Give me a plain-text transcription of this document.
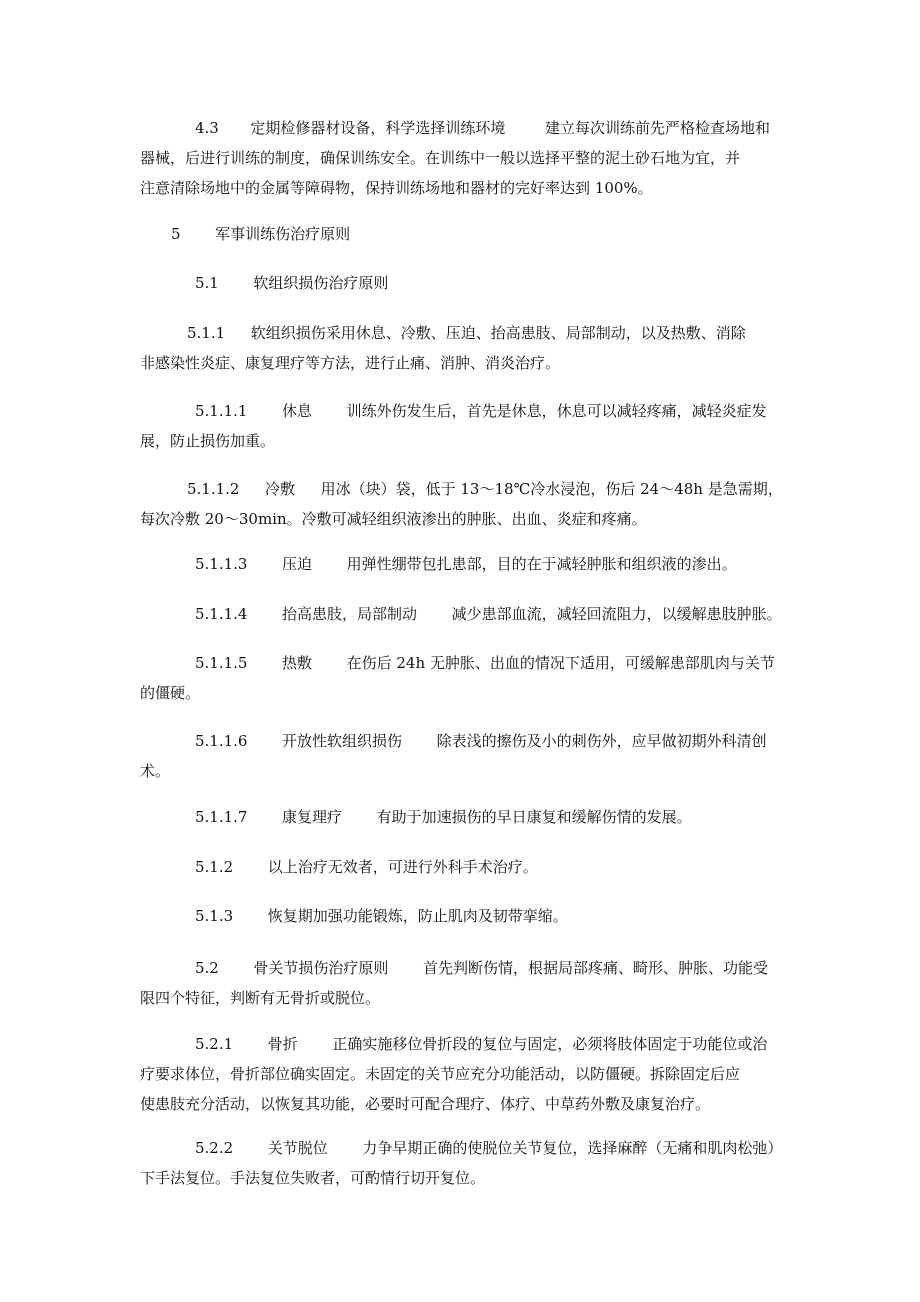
4.3 定期检修器材设备，科学选择训练环境	建立每次训练前先严格检查场地和
器械，后进行训练的制度，确保训练安全。在训练中一般以选择平整的泥土砂石地为宜，并
注意清除场地中的金属等障碍物，保持训练场地和器材的完好率达到 100%。
5 军事训练伤治疗原则
5.1 软组织损伤治疗原则
5.1.1 软组织损伤采用休息、冷敷、压迫、抬高患肢、局部制动，以及热敷、消除
非感染性炎症、康复理疗等方法，进行止痛、消肿、消炎治疗。
5.1.1.1 休息 训练外伤发生后，首先是休息，休息可以减轻疼痛，减轻炎症发
展，防止损伤加重。
5.1.1.2 冷敷 用冰（块）袋，低于 13～18℃冷水浸泡，伤后 24～48h 是急需期，
每次冷敷 20～30min。冷敷可减轻组织液渗出的肿胀、出血、炎症和疼痛。
5.1.1.3 压迫 用弹性绷带包扎患部，目的在于减轻肿胀和组织液的渗出。
5.1.1.4 抬高患肢，局部制动 减少患部血流，减轻回流阻力，以缓解患肢肿胀。
5.1.1.5 热敷 在伤后 24h 无肿胀、出血的情况下适用，可缓解患部肌肉与关节
的僵硬。
5.1.1.6 开放性软组织损伤 除表浅的擦伤及小的刺伤外，应早做初期外科清创
术。
5.1.1.7 康复理疗 有助于加速损伤的早日康复和缓解伤情的发展。
5.1.2 以上治疗无效者，可进行外科手术治疗。
5.1.3 恢复期加强功能锻炼，防止肌肉及韧带挛缩。
5.2 骨关节损伤治疗原则 首先判断伤情，根据局部疼痛、畸形、肿胀、功能受
限四个特征，判断有无骨折或脱位。
5.2.1 骨折 正确实施移位骨折段的复位与固定，必须将肢体固定于功能位或治
疗要求体位，骨折部位确实固定。未固定的关节应充分功能活动，以防僵硬。拆除固定后应
使患肢充分活动，以恢复其功能，必要时可配合理疗、体疗、中草药外敷及康复治疗。
5.2.2 关节脱位 力争早期正确的使脱位关节复位，选择麻醉（无痛和肌肉松弛）
下手法复位。手法复位失败者，可酌情行切开复位。
